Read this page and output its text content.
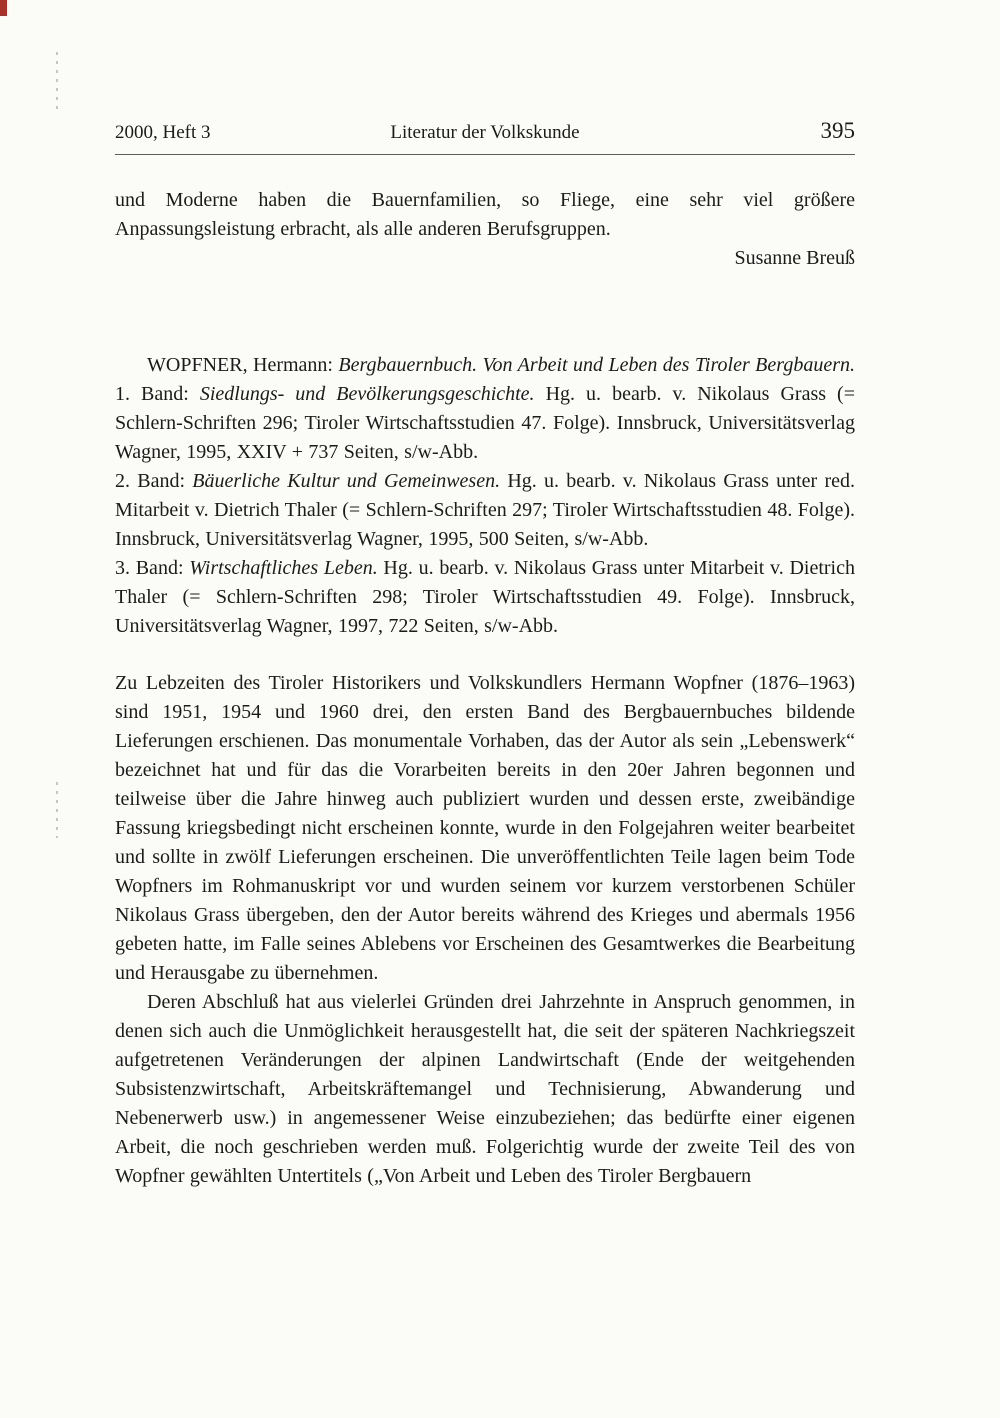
2000, Heft 3	Literatur der Volkskunde	395

und Moderne haben die Bauernfamilien, so Fliege, eine sehr viel größere Anpassungsleistung erbracht, als alle anderen Berufsgruppen.

Susanne Breuß

WOPFNER, Hermann: Bergbauernbuch. Von Arbeit und Leben des Tiroler Bergbauern. 1. Band: Siedlungs- und Bevölkerungsgeschichte. Hg. u. bearb. v. Nikolaus Grass (= Schlern-Schriften 296; Tiroler Wirtschaftsstudien 47. Folge). Innsbruck, Universitätsverlag Wagner, 1995, XXIV + 737 Seiten, s/w-Abb.

2. Band: Bäuerliche Kultur und Gemeinwesen. Hg. u. bearb. v. Nikolaus Grass unter red. Mitarbeit v. Dietrich Thaler (= Schlern-Schriften 297; Tiroler Wirtschaftsstudien 48. Folge). Innsbruck, Universitätsverlag Wagner, 1995, 500 Seiten, s/w-Abb.

3. Band: Wirtschaftliches Leben. Hg. u. bearb. v. Nikolaus Grass unter Mitarbeit v. Dietrich Thaler (= Schlern-Schriften 298; Tiroler Wirtschaftsstudien 49. Folge). Innsbruck, Universitätsverlag Wagner, 1997, 722 Seiten, s/w-Abb.

Zu Lebzeiten des Tiroler Historikers und Volkskundlers Hermann Wopfner (1876–1963) sind 1951, 1954 und 1960 drei, den ersten Band des Bergbauernbuches bildende Lieferungen erschienen. Das monumentale Vorhaben, das der Autor als sein „Lebenswerk“ bezeichnet hat und für das die Vorarbeiten bereits in den 20er Jahren begonnen und teilweise über die Jahre hinweg auch publiziert wurden und dessen erste, zweibändige Fassung kriegsbedingt nicht erscheinen konnte, wurde in den Folgejahren weiter bearbeitet und sollte in zwölf Lieferungen erscheinen. Die unveröffentlichten Teile lagen beim Tode Wopfners im Rohmanuskript vor und wurden seinem vor kurzem verstorbenen Schüler Nikolaus Grass übergeben, den der Autor bereits während des Krieges und abermals 1956 gebeten hatte, im Falle seines Ablebens vor Erscheinen des Gesamtwerkes die Bearbeitung und Herausgabe zu übernehmen.

Deren Abschluß hat aus vielerlei Gründen drei Jahrzehnte in Anspruch genommen, in denen sich auch die Unmöglichkeit herausgestellt hat, die seit der späteren Nachkriegszeit aufgetretenen Veränderungen der alpinen Landwirtschaft (Ende der weitgehenden Subsistenzwirtschaft, Arbeitskräftemangel und Technisierung, Abwanderung und Nebenerwerb usw.) in angemessener Weise einzubeziehen; das bedürfte einer eigenen Arbeit, die noch geschrieben werden muß. Folgerichtig wurde der zweite Teil des von Wopfner gewählten Untertitels („Von Arbeit und Leben des Tiroler Bergbauern
